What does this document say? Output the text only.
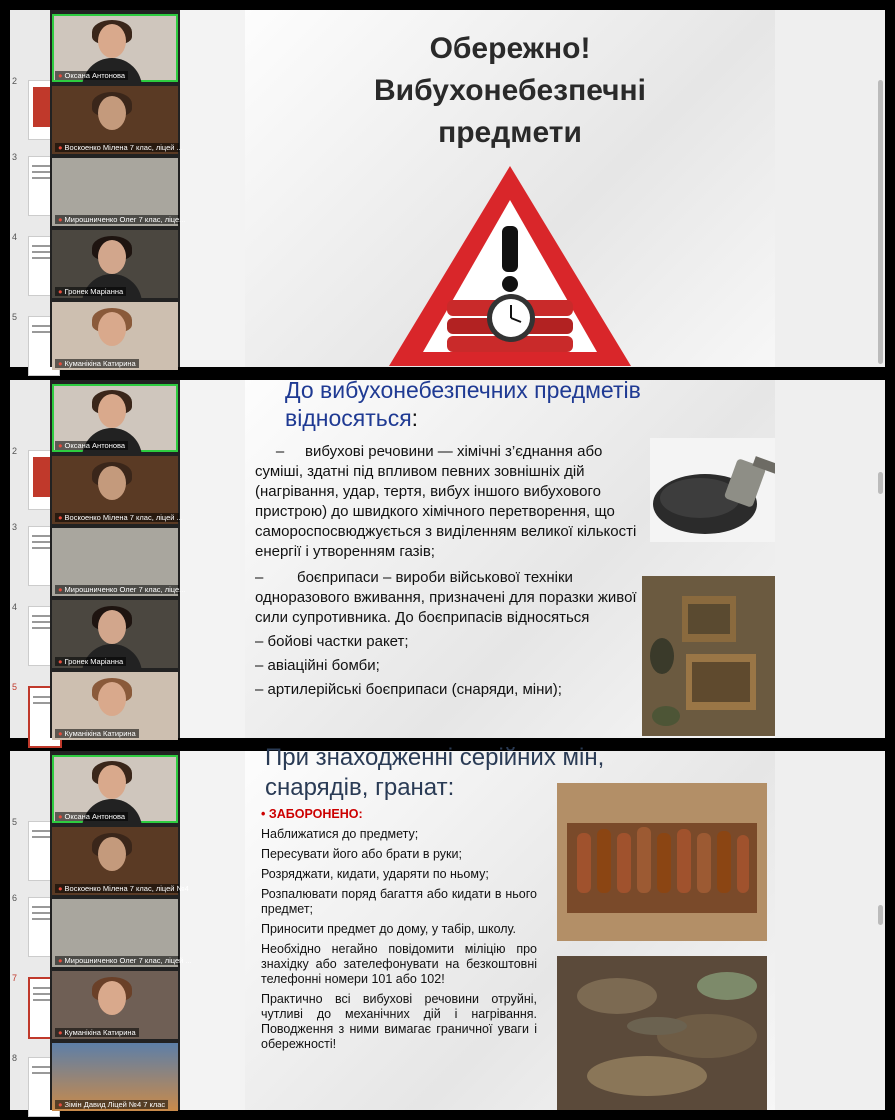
2
3
4
5
● Оксана Антонова
● Воскоенко Мілена 7 клас, ліцей ...
● Мирошниченко Олег 7 клас, ліце...
● Гронек Маріанна
● Куманікіна Катирина
Обережно!
Вибухонебезпечні
предмети
2
3
4
5
● Оксана Антонова
● Воскоенко Мілена 7 клас, ліцей ...
● Мирошниченко Олег 7 клас, ліце...
● Гронек Маріанна
● Куманікіна Катирина
До вибухонебезпечних предметів
відносяться:

– вибухові речовини — хімічні з’єднання або суміші, здатні під впливом певних зовнішніх дій (нагрівання, удар, тертя, вибух іншого вибухового пристрою) до швидкого хімічного перетворення, що самороспосвюджується з виділенням великої кількості енергії і утворенням газів;

– боєприпаси – вироби військової техніки одноразового вживання, призначені для поразки живої сили супротивника. До боєприпасів відносяться

– бойові частки ракет;

– авіаційні бомби;

– артилерійські боєприпаси (снаряди, міни);

5
6
7
8
● Оксана Антонова
● Воскоенко Мілена 7 клас, ліцей №4
● Мирошниченко Олег 7 клас, ліцей ...
● Куманікіна Катирина
● Зімін Давид Ліцей №4 7 клас
При знаходженні серійних мін,
снарядів, гранат:

• ЗАБОРОНЕНО:

Наближатися до предмету;

Пересувати його або брати в руки;

Розряджати, кидати, ударяти по ньому;

Розпалювати поряд багаття або кидати в нього предмет;

Приносити предмет до дому, у табір, школу.

Необхідно негайно повідомити міліцію про знахідку або зателефонувати на безкоштовні телефонні номери 101 або 102!

Практично всі вибухові речовини отруйні, чутливі до механічних дій і нагрівання. Поводження з ними вимагає граничної уваги і обережності!
